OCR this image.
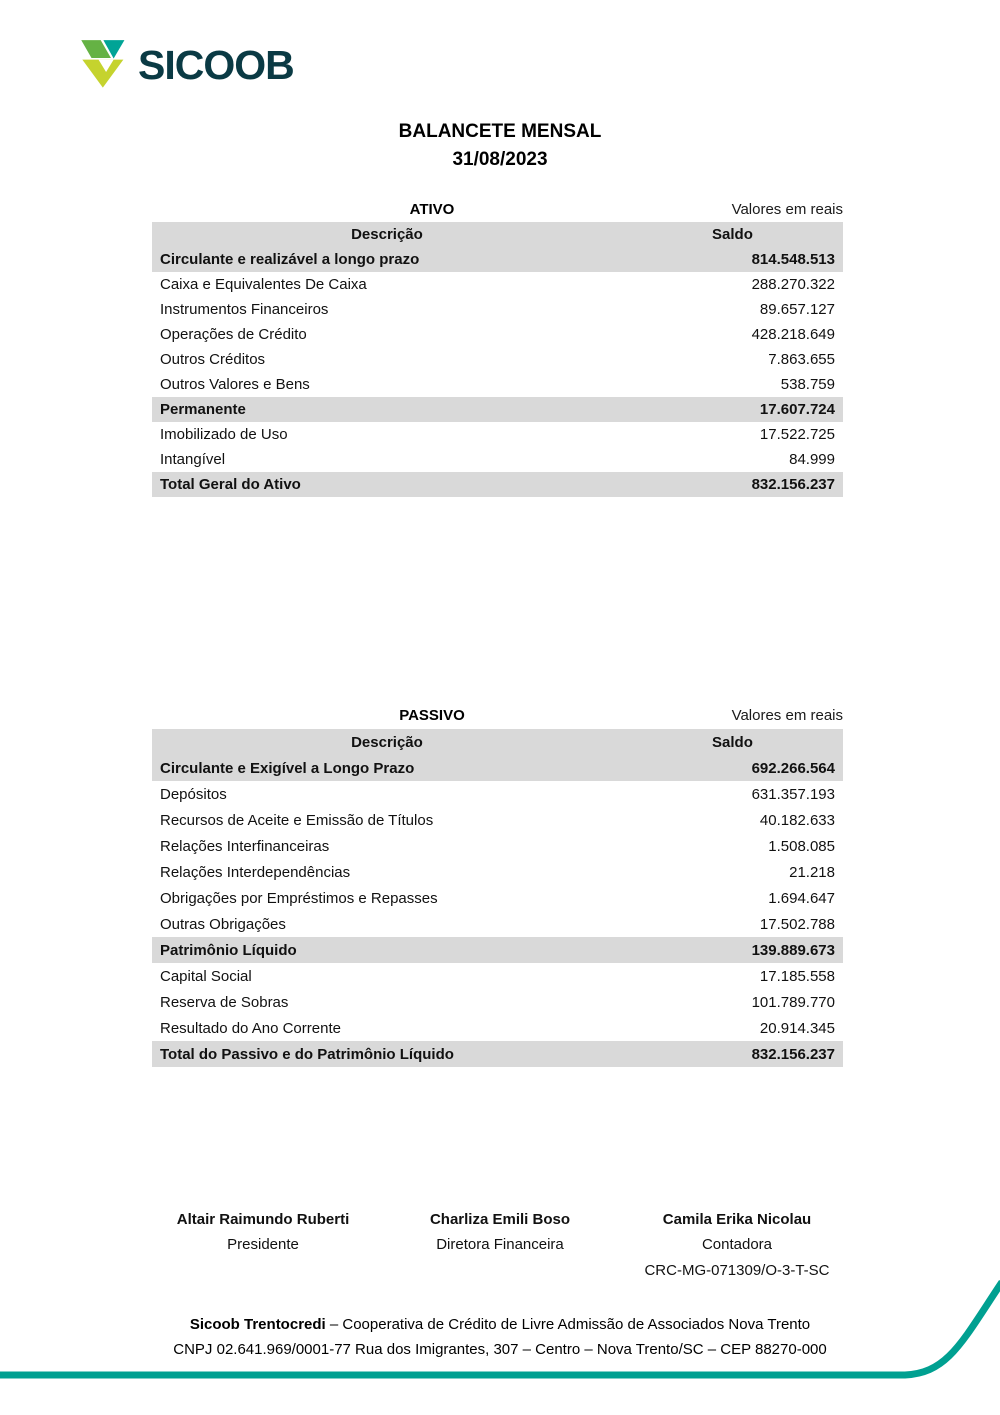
SICOOB
BALANCETE MENSAL
31/08/2023
ATIVO	Valores em reais
Descrição	Saldo
Circulante e realizável a longo prazo	814.548.513
Caixa e Equivalentes De Caixa	288.270.322
Instrumentos Financeiros	89.657.127
Operações de Crédito	428.218.649
Outros Créditos	7.863.655
Outros Valores e Bens	538.759
Permanente	17.607.724
Imobilizado de Uso	17.522.725
Intangível	84.999
Total Geral do Ativo	832.156.237
PASSIVO	Valores em reais
Descrição	Saldo
Circulante e Exigível a Longo Prazo	692.266.564
Depósitos	631.357.193
Recursos de Aceite e Emissão de Títulos	40.182.633
Relações Interfinanceiras	1.508.085
Relações Interdependências	21.218
Obrigações por Empréstimos e Repasses	1.694.647
Outras Obrigações	17.502.788
Patrimônio Líquido	139.889.673
Capital Social	17.185.558
Reserva de Sobras	101.789.770
Resultado do Ano Corrente	20.914.345
Total do Passivo e do Patrimônio Líquido	832.156.237
Altair Raimundo Ruberti
Presidente
Charliza Emili Boso
Diretora Financeira
Camila Erika Nicolau
Contadora
CRC-MG-071309/O-3-T-SC
Sicoob Trentocredi – Cooperativa de Crédito de Livre Admissão de Associados Nova Trento
CNPJ 02.641.969/0001-77 Rua dos Imigrantes, 307 – Centro – Nova Trento/SC – CEP 88270-000
